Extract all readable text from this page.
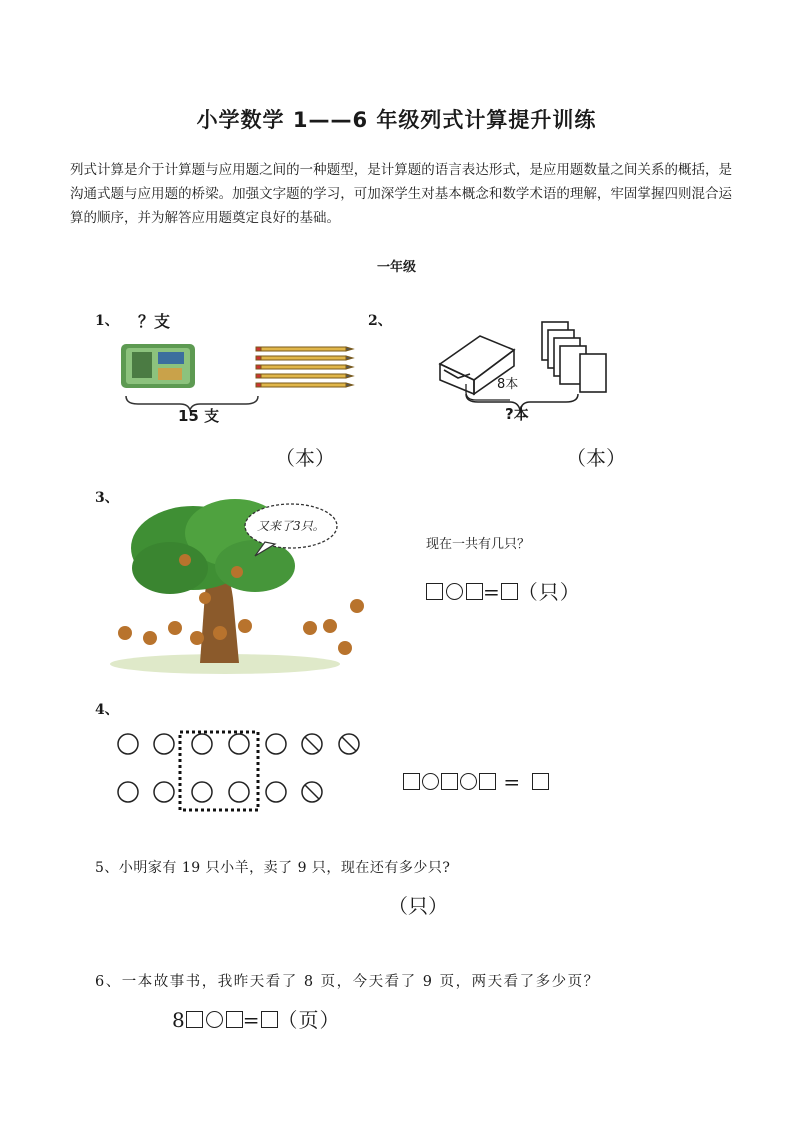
小学数学 1——6 年级列式计算提升训练
列式计算是介于计算题与应用题之间的一种题型，是计算题的语言表达形式，是应用题数量之间关系的概括，是沟通式题与应用题的桥梁。加强文字题的学习，可加深学生对基本概念和数学术语的理解，牢固掌握四则混合运算的顺序，并为解答应用题奠定良好的基础。
一年级
1、 ？支
15 支
（本）
2、
8本
?本
（本）
3、
又来了3只。
现在一共有几只？
= （只）
4、
=
5、小明家有 19 只小羊，卖了 9 只，现在还有多少只?
（只）
6、一本故事书，我昨天看了 8 页，今天看了 9 页，两天看了多少页？
8	= （页）
